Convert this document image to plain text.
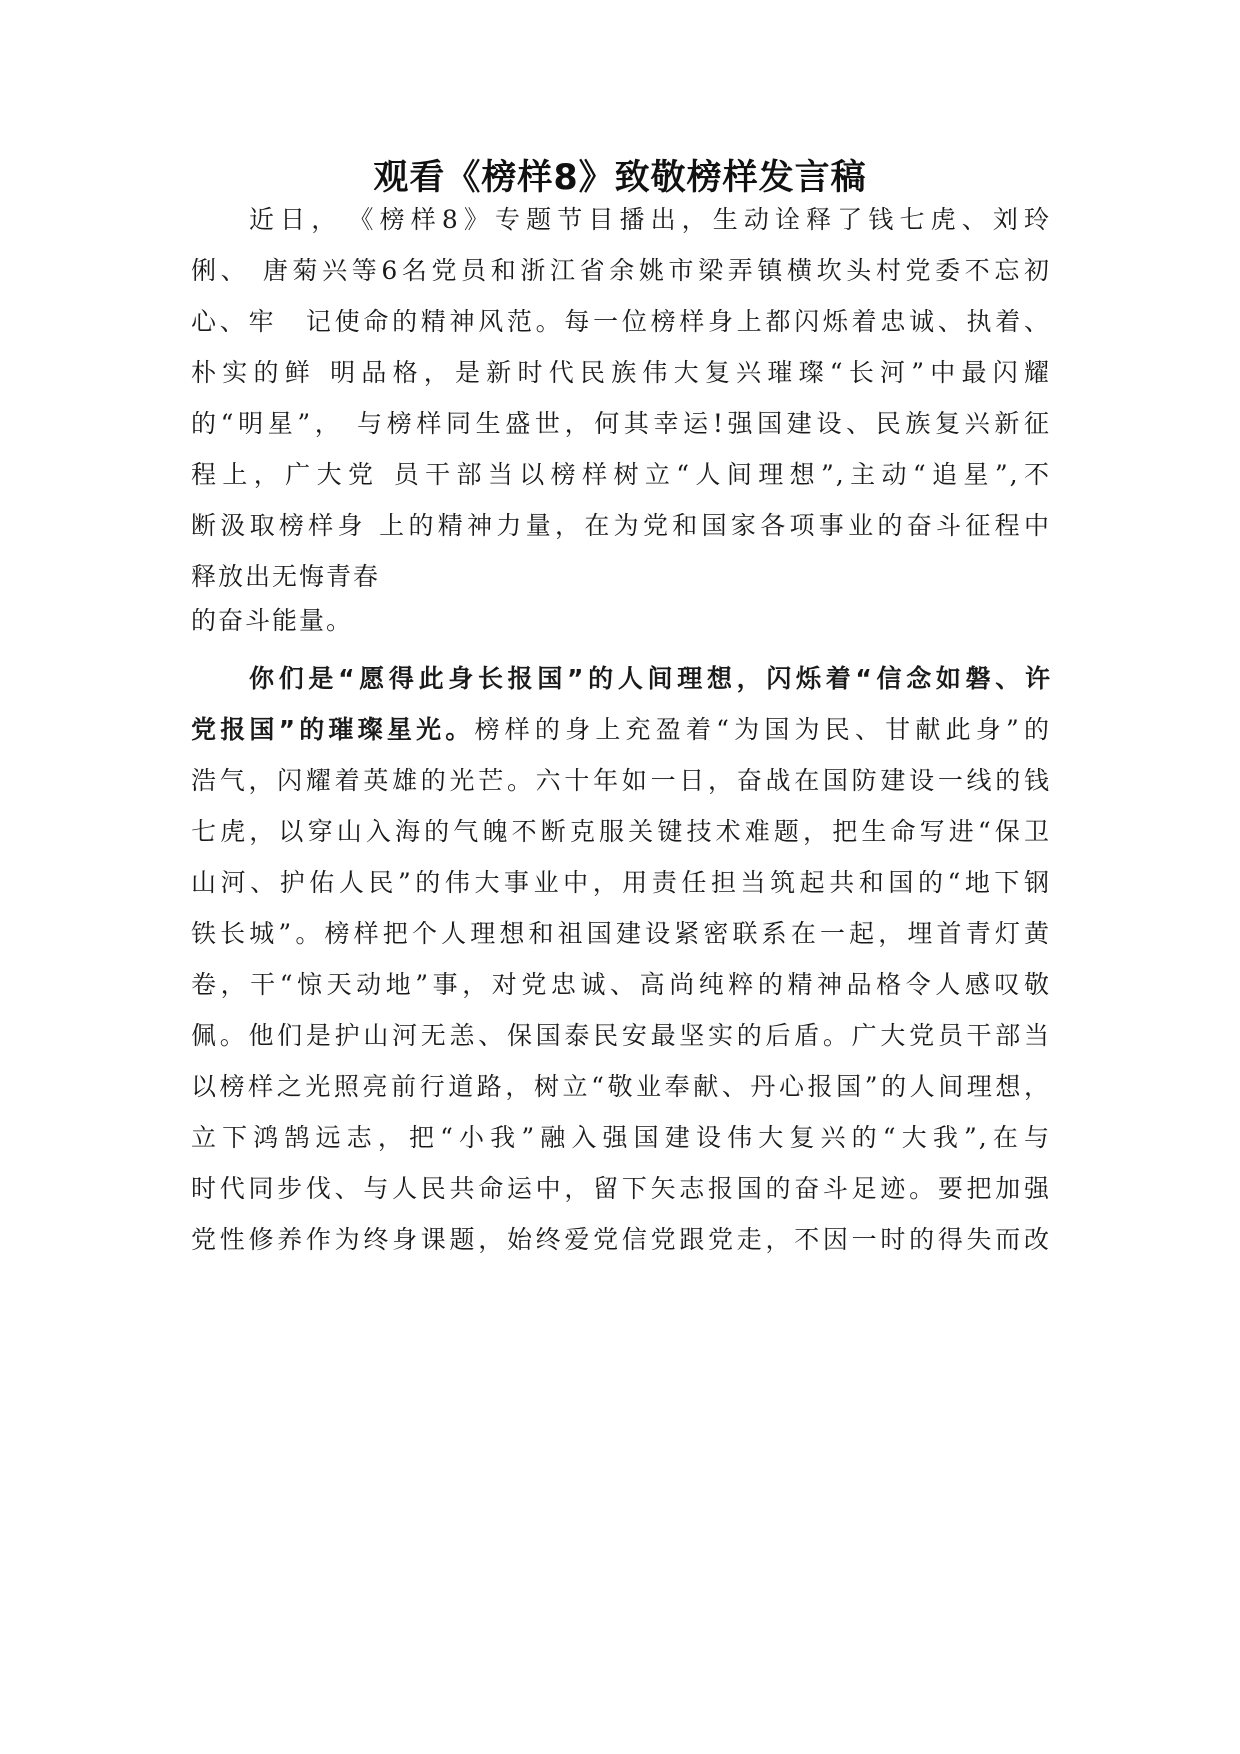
观看《榜样8》致敬榜样发言稿
近日，　《榜样8》专题节目播出，生动诠释了钱七虎、刘玲
俐、 唐菊兴等6名党员和浙江省余姚市梁弄镇横坎头村党委不忘初
心、牢　记使命的精神风范。每一位榜样身上都闪烁着忠诚、执着、
朴实的鲜 明品格，是新时代民族伟大复兴璀璨“长河”中最闪耀
的“明星”， 与榜样同生盛世，何其幸运!强国建设、民族复兴新征
程上，广大党 员干部当以榜样树立“人间理想”,主动“追星”,不
断汲取榜样身 上的精神力量，在为党和国家各项事业的奋斗征程中
释放出无悔青春
的奋斗能量。
你们是“愿得此身长报国”的人间理想，闪烁着“信念如磐、许
党报国”的璀璨星光。榜样的身上充盈着“为国为民、甘献此身”的
浩气，闪耀着英雄的光芒。六十年如一日，奋战在国防建设一线的钱
七虎，以穿山入海的气魄不断克服关键技术难题，把生命写进“保卫
山河、护佑人民”的伟大事业中，用责任担当筑起共和国的“地下钢
铁长城”。榜样把个人理想和祖国建设紧密联系在一起，埋首青灯黄
卷，干“惊天动地”事，对党忠诚、高尚纯粹的精神品格令人感叹敬
佩。他们是护山河无恙、保国泰民安最坚实的后盾。广大党员干部当
以榜样之光照亮前行道路，树立“敬业奉献、丹心报国”的人间理想，
立下鸿鹄远志，把“小我”融入强国建设伟大复兴的“大我”,在与
时代同步伐、与人民共命运中，留下矢志报国的奋斗足迹。要把加强
党性修养作为终身课题，始终爱党信党跟党走，不因一时的得失而改
